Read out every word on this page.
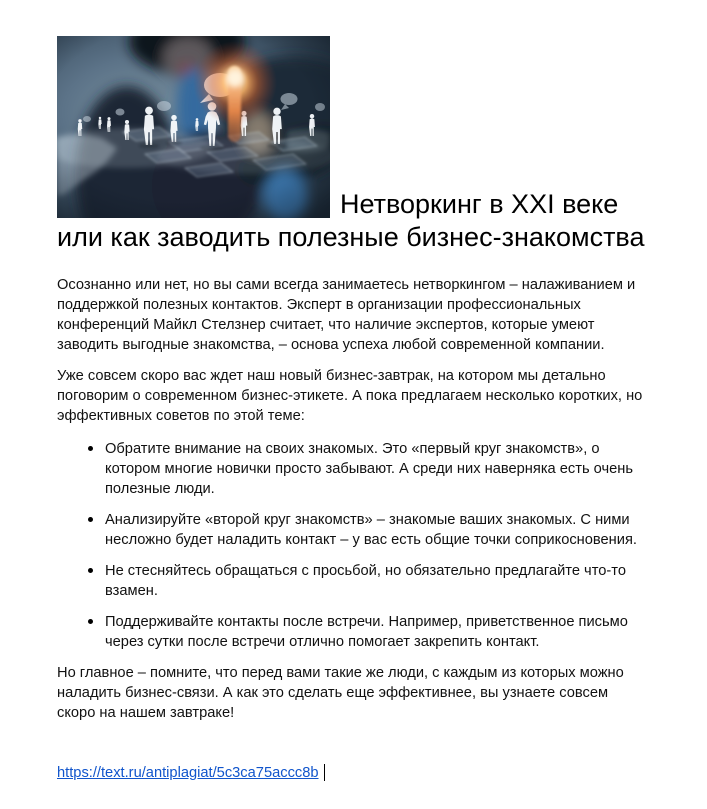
Нетворкинг в XXI веке
или как заводить полезные бизнес-знакомства

Осознанно или нет, но вы сами всегда занимаетесь нетворкингом – налаживанием и поддержкой полезных контактов. Эксперт в организации профессиональных конференций Майкл Стелзнер считает, что наличие экспертов, которые умеют заводить выгодные знакомства, – основа успеха любой современной компании.

Уже совсем скоро вас ждет наш новый бизнес-завтрак, на котором мы детально поговорим о современном бизнес-этикете. А пока предлагаем несколько коротких, но эффективных советов по этой теме:

Обратите внимание на своих знакомых. Это «первый круг знакомств», о котором многие новички просто забывают. А среди них наверняка есть очень полезные люди.
Анализируйте «второй круг знакомств» – знакомые ваших знакомых. С ними несложно будет наладить контакт – у вас есть общие точки соприкосновения.
Не стесняйтесь обращаться с просьбой, но обязательно предлагайте что-то взамен.
Поддерживайте контакты после встречи. Например, приветственное письмо через сутки после встречи отлично помогает закрепить контакт.

Но главное – помните, что перед вами такие же люди, с каждым из которых можно наладить бизнес-связи. А как это сделать еще эффективнее, вы узнаете совсем скоро на нашем завтраке!

https://text.ru/antiplagiat/5c3ca75accc8b
